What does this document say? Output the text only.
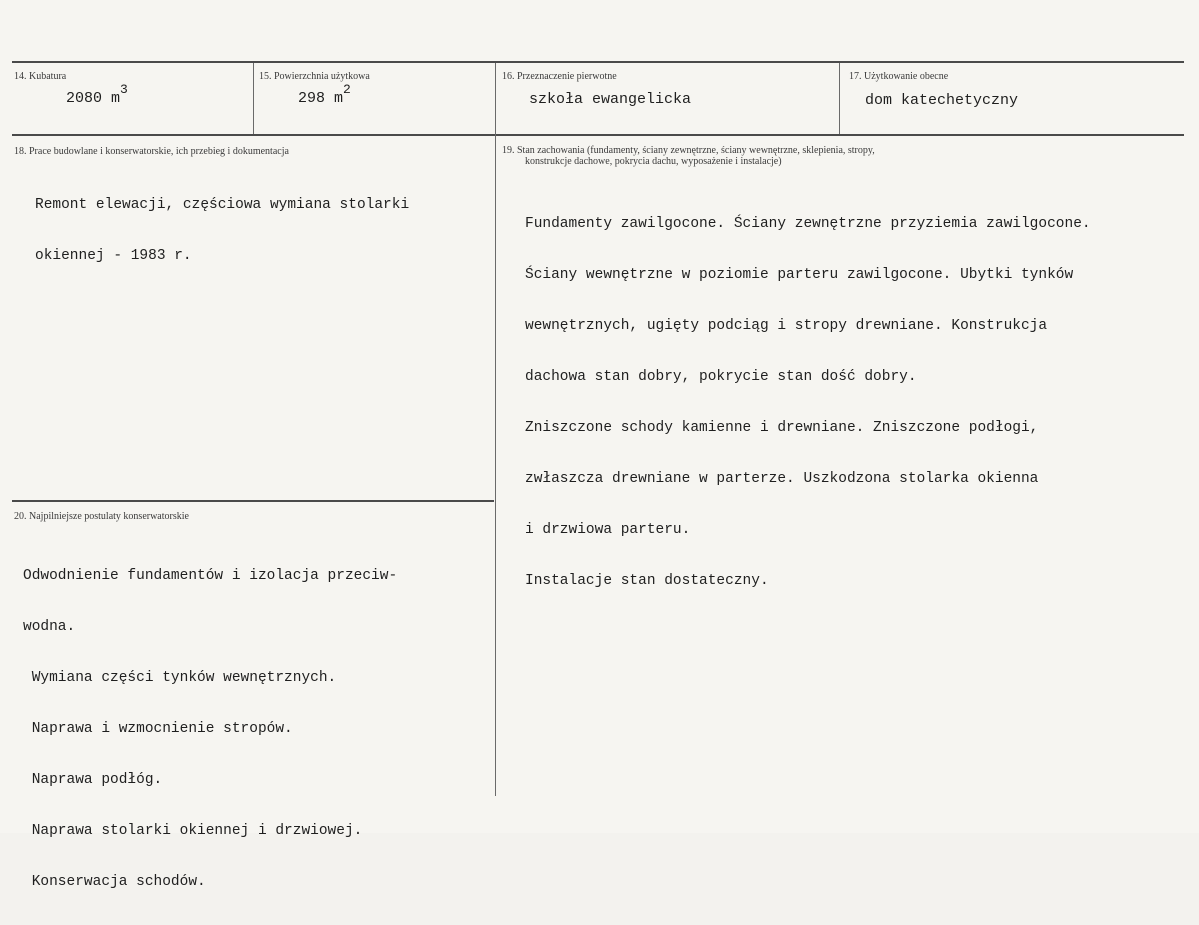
14. Kubatura
2080 m3
15. Powierzchnia użytkowa
298 m2
16. Przeznaczenie pierwotne
szkoła ewangelicka
17. Użytkowanie obecne
dom katechetyczny
18. Prace budowlane i konserwatorskie, ich przebieg i dokumentacja

Remont elewacji, częściowa wymiana stolarki

okiennej - 1983 r.

19. Stan zachowania (fundamenty, ściany zewnętrzne, ściany wewnętrzne, sklepienia, stropy,
konstrukcje dachowe, pokrycia dachu, wyposażenie i instalacje)

Fundamenty zawilgocone. Ściany zewnętrzne przyziemia zawilgocone.

Ściany wewnętrzne w poziomie parteru zawilgocone. Ubytki tynków

wewnętrznych, ugięty podciąg i stropy drewniane. Konstrukcja

dachowa stan dobry, pokrycie stan dość dobry.

Zniszczone schody kamienne i drewniane. Zniszczone podłogi,

zwłaszcza drewniane w parterze. Uszkodzona stolarka okienna

i drzwiowa parteru.

Instalacje stan dostateczny.

20. Najpilniejsze postulaty konserwatorskie

Odwodnienie fundamentów i izolacja przeciw-

wodna.

Wymiana części tynków wewnętrznych.

Naprawa i wzmocnienie stropów.

Naprawa podłóg.

Naprawa stolarki okiennej i drzwiowej.

Konserwacja schodów.
